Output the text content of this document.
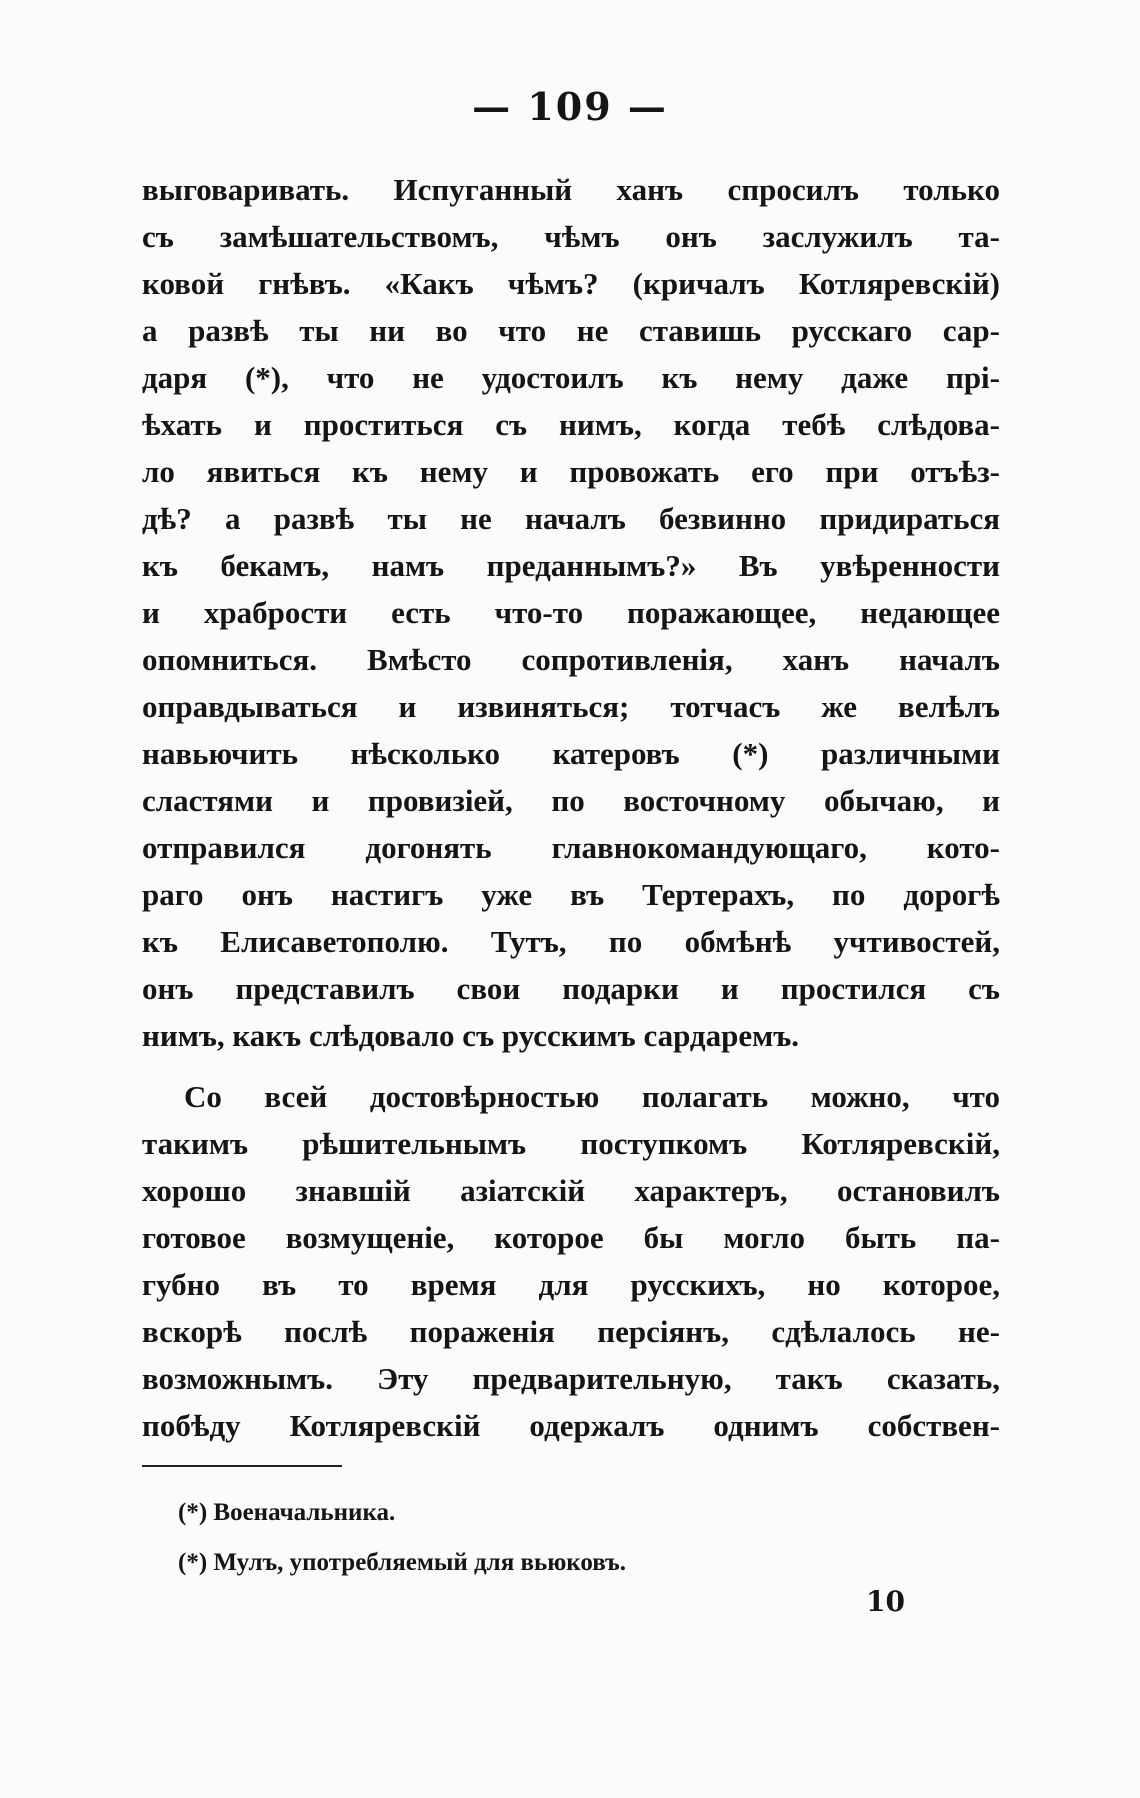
— 109 —
выговаривать. Испуганный ханъ спросилъ только
съ замѣшательствомъ, чѣмъ онъ заслужилъ та-
ковой гнѣвъ. «Какъ чѣмъ? (кричалъ Котляревскій)
а развѣ ты ни во что не ставишь русскаго сар-
даря (*), что не удостоилъ къ нему даже прі-
ѣхать и проститься съ нимъ, когда тебѣ слѣдова-
ло явиться къ нему и провожать его при отъѣз-
дѣ? а развѣ ты не началъ безвинно придираться
къ бекамъ, намъ преданнымъ?» Въ увѣренности
и храбрости есть что-то поражающее, недающее
опомниться. Вмѣсто сопротивленія, ханъ началъ
оправдываться и извиняться; тотчасъ же велѣлъ
навьючить нѣсколько катеровъ (*) различными
сластями и провизіей, по восточному обычаю, и
отправился догонять главнокомандующаго, кото-
раго онъ настигъ уже въ Тертерахъ, по дорогѣ
къ Елисаветополю. Тутъ, по обмѣнѣ учтивостей,
онъ представилъ свои подарки и простился съ
нимъ, какъ слѣдовало съ русскимъ сардаремъ.
Со всей достовѣрностью полагать можно, что
такимъ рѣшительнымъ поступкомъ Котляревскій,
хорошо знавшій азіатскій характеръ, остановилъ
готовое возмущеніе, которое бы могло быть па-
губно въ то время для русскихъ, но которое,
вскорѣ послѣ пораженія персіянъ, сдѣлалось не-
возможнымъ. Эту предварительную, такъ сказать,
побѣду Котляревскій одержалъ однимъ собствен-
(*) Военачальника.
(*) Мулъ, употребляемый для вьюковъ.
10
